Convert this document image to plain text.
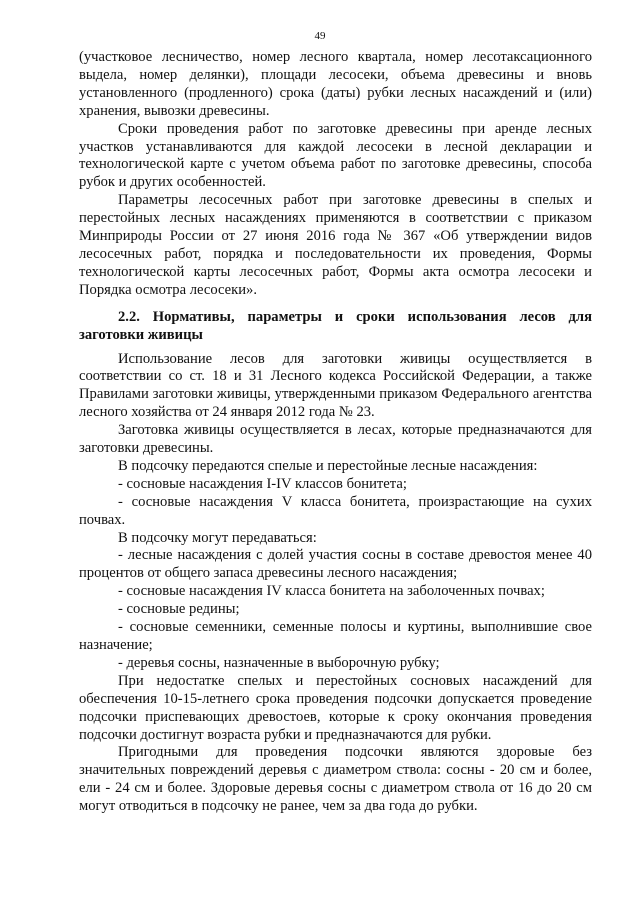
49

(участковое лесничество, номер лесного квартала, номер лесотаксационного выдела, номер делянки), площади лесосеки, объема древесины и вновь установленного (продленного) срока (даты) рубки лесных насаждений и (или) хранения, вывозки древесины.

Сроки проведения работ по заготовке древесины при аренде лесных участков устанавливаются для каждой лесосеки в лесной декларации и технологической карте с учетом объема работ по заготовке древесины, способа рубок и других особенностей.

Параметры лесосечных работ при заготовке древесины в спелых и перестойных лесных насаждениях применяются в соответствии с приказом Минприроды России от 27 июня 2016 года № 367 «Об утверждении видов лесосечных работ, порядка и последовательности их проведения, Формы технологической карты лесосечных работ, Формы акта осмотра лесосеки и Порядка осмотра лесосеки».

2.2. Нормативы, параметры и сроки использования лесов для заготовки живицы

Использование лесов для заготовки живицы осуществляется в соответствии со ст. 18 и 31 Лесного кодекса Российской Федерации, а также Правилами заготовки живицы, утвержденными приказом Федерального агентства лесного хозяйства от 24 января 2012 года № 23.

Заготовка живицы осуществляется в лесах, которые предназначаются для заготовки древесины.

В подсочку передаются спелые и перестойные лесные насаждения:

- сосновые насаждения I-IV классов бонитета;

- сосновые насаждения V класса бонитета, произрастающие на сухих почвах.

В подсочку могут передаваться:

- лесные насаждения с долей участия сосны в составе древостоя менее 40 процентов от общего запаса древесины лесного насаждения;

- сосновые насаждения IV класса бонитета на заболоченных почвах;

- сосновые редины;

- сосновые семенники, семенные полосы и куртины, выполнившие свое назначение;

- деревья сосны, назначенные в выборочную рубку;

При недостатке спелых и перестойных сосновых насаждений для обеспечения 10-15-летнего срока проведения подсочки допускается проведение подсочки приспевающих древостоев, которые к сроку окончания проведения подсочки достигнут возраста рубки и предназначаются для рубки.

Пригодными для проведения подсочки являются здоровые без значительных повреждений деревья с диаметром ствола: сосны - 20 см и более, ели - 24 см и более. Здоровые деревья сосны с диаметром ствола от 16 до 20 см могут отводиться в подсочку не ранее, чем за два года до рубки.
